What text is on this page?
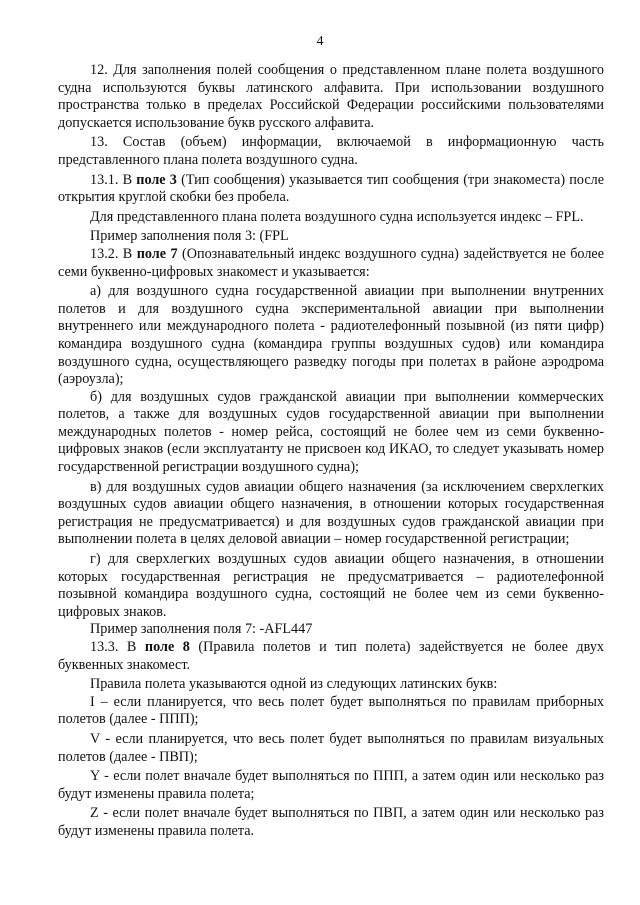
4

12. Для заполнения полей сообщения о представленном плане полета воздушного судна используются буквы латинского алфавита. При использовании воздушного пространства только в пределах Российской Федерации российскими пользователями допускается использование букв русского алфавита.

13. Состав (объем) информации, включаемой в информационную часть представленного плана полета воздушного судна.

13.1. В поле 3 (Тип сообщения) указывается тип сообщения (три знакоместа) после открытия круглой скобки без пробела.

Для представленного плана полета воздушного судна используется индекс – FPL.

Пример заполнения поля 3: (FPL

13.2. В поле 7 (Опознавательный индекс воздушного судна) задействуется не более семи буквенно-цифровых знакомест и указывается:

а) для воздушного судна государственной авиации при выполнении внутренних полетов и для воздушного судна экспериментальной авиации при выполнении внутреннего или международного полета - радиотелефонный позывной (из пяти цифр) командира воздушного судна (командира группы воздушных судов) или командира воздушного судна, осуществляющего разведку погоды при полетах в районе аэродрома (аэроузла);

б) для воздушных судов гражданской авиации при выполнении коммерческих полетов, а также для воздушных судов государственной авиации при выполнении международных полетов - номер рейса, состоящий не более чем из семи буквенно-цифровых знаков (если эксплуатанту не присвоен код ИКАО, то следует указывать номер государственной регистрации воздушного судна);

в) для воздушных судов авиации общего назначения (за исключением сверхлегких воздушных судов авиации общего назначения, в отношении которых государственная регистрация не предусматривается) и для воздушных судов гражданской авиации при выполнении полета в целях деловой авиации – номер государственной регистрации;

г) для сверхлегких воздушных судов авиации общего назначения, в отношении которых государственная регистрация не предусматривается – радиотелефонной позывной командира воздушного судна, состоящий не более чем из семи буквенно-цифровых знаков.

Пример заполнения поля 7: -AFL447

13.3. В поле 8 (Правила полетов и тип полета) задействуется не более двух буквенных знакомест.

Правила полета указываются одной из следующих латинских букв:

I – если планируется, что весь полет будет выполняться по правилам приборных полетов (далее - ППП);

V - если планируется, что весь полет будет выполняться по правилам визуальных полетов (далее - ПВП);

Y - если полет вначале будет выполняться по ППП, а затем один или несколько раз будут изменены правила полета;

Z - если полет вначале будет выполняться по ПВП, а затем один или несколько раз будут изменены правила полета.
